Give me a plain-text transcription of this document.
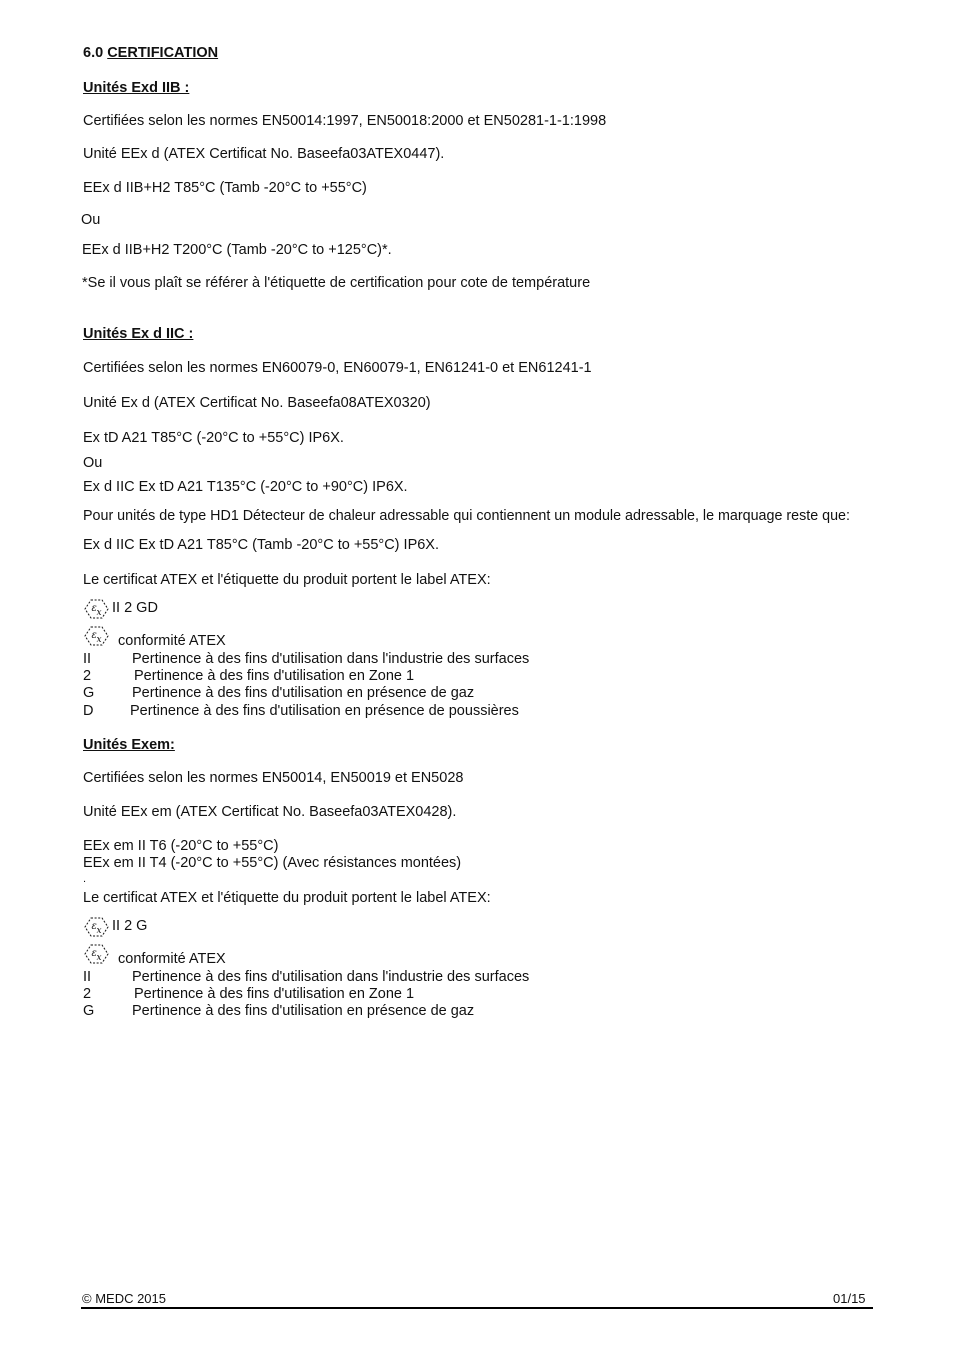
6.0 CERTIFICATION
Unités Exd IIB :
Certifiées selon les normes EN50014:1997, EN50018:2000 et EN50281-1-1:1998
Unité EEx d (ATEX Certificat No. Baseefa03ATEX0447).
EEx d IIB+H2 T85°C (Tamb -20°C to +55°C)
Ou
EEx d IIB+H2 T200°C (Tamb -20°C to +125°C)*.
*Se il vous plaît se référer à l'étiquette de certification pour cote de température
Unités Ex d IIC :
Certifiées selon les normes EN60079-0, EN60079-1, EN61241-0 et EN61241-1
Unité Ex d (ATEX Certificat No. Baseefa08ATEX0320)
Ex tD A21 T85°C (-20°C to +55°C) IP6X.
Ou
Ex d IIC Ex tD A21 T135°C (-20°C to +90°C) IP6X.
Pour unités de type HD1 Détecteur de chaleur adressable qui contiennent un module adressable, le marquage reste que:
Ex d IIC Ex tD A21 T85°C (Tamb -20°C to +55°C) IP6X.
Le certificat ATEX et l'étiquette du produit portent le label ATEX:
II 2 GD
conformité ATEX
II	Pertinence à des fins d'utilisation dans l'industrie des surfaces
2	Pertinence à des fins d'utilisation en Zone 1
G	Pertinence à des fins d'utilisation en présence de gaz
D	Pertinence à des fins d'utilisation en présence de poussières
Unités Exem:
Certifiées selon les normes EN50014, EN50019 et EN5028
Unité EEx em (ATEX Certificat No. Baseefa03ATEX0428).
EEx em II T6 (-20°C to +55°C)
EEx em II T4 (-20°C to +55°C) (Avec résistances montées)
.
Le certificat ATEX et l'étiquette du produit portent le label ATEX:
II 2 G
conformité ATEX
II	Pertinence à des fins d'utilisation dans l'industrie des surfaces
2	Pertinence à des fins d'utilisation en Zone 1
G	Pertinence à des fins d'utilisation en présence de gaz
© MEDC 2015	01/15
